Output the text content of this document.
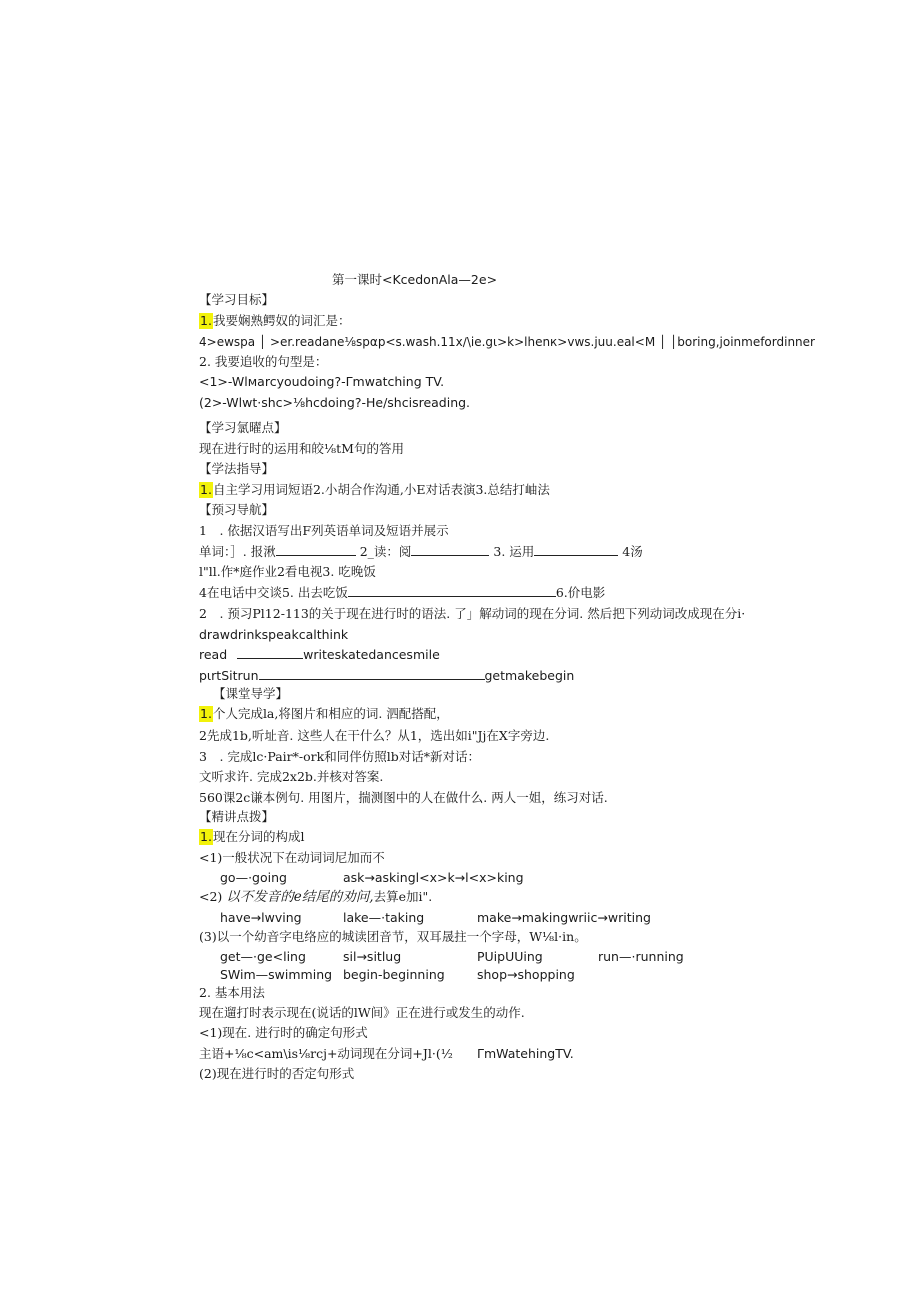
第一课时<KcedonAla—2e>
【学习目标】
1.我要娴熟鳄奴的词汇是：
4>ewspa │ >er.readane⅛spαp<s.wash.11x∕\ie.gι>k>lhenк>vws.juu.eal<M │ │boring,joinmefordinner
2. 我要追收的句型是：
<1>-Wlмarcyoudoing?-Γmwatching TV.
(2>-Wlwt·shc>⅛hcdoing?-He/shcisreading.
【学习氯曜点】
现在进行时的运用和皎⅛tM句的答用
【学法指导】
1.自主学习用词短语2.小胡合作沟通,小E对话表演3.总结打岫法
【预习导航】
1　. 依据汉语写出F列英语单词及短语并展示
单词：］. 报湫	2_读：阅	3. 运用	4汤
l"ll.作*庭作业2看电视3. 吃晚饭
4在电话中交谈5. 出去吃饭	6.价电影
2　. 预习Pl12-113的关于现在进行时的语法. 了」解动词的现在分词. 然后把下列动词改成现在分i·
drawdrinkspeakcalthink
read	writeskatedancesmile
pιrtSitrun	getmakebegin
【课堂导学】
1.个人完成la,将图片和相应的词. 泗配搭配，
2先成1b,听址音. 这些人在干什么？从1，选出如i"Jj在X字旁边.
3　. 完成lc·Pair*-ork和同伴仿照lb对话*新对话：
文听求许. 完成2x2b.并核对答案.
560课2c谦本例句. 用图片，揣测图中的人在做什么. 两人一姐，练习对话.
【精讲点拨】
1.现在分词的构成l
<1)一般状况下在动词词尼加而不
go—·going	ask→askingl<x>k→l<x>king
<2) 以不发音的e结尾的劝问,去算e加i".
have→lwving	lake—·taking	make→makingwriic→writing
(3)以一个幼音字电络应的城读团音节，双耳晟拄一个字母，W⅛l·in。
get—·ge<ling	sil→sitlug	PUipUUing	run—·running
SWim—swimming begin-beginning	shop→shopping
2. 基本用法
现在遛打时表示现在(说话的lW间》正在进行或发生的动作.
<1)现在. 进行时的确定句形式
主语+⅛c<am\is⅛rcj+动词现在分词+Jl·(½ ΓmWatehingTV.
(2)现在进行时的否定句形式
